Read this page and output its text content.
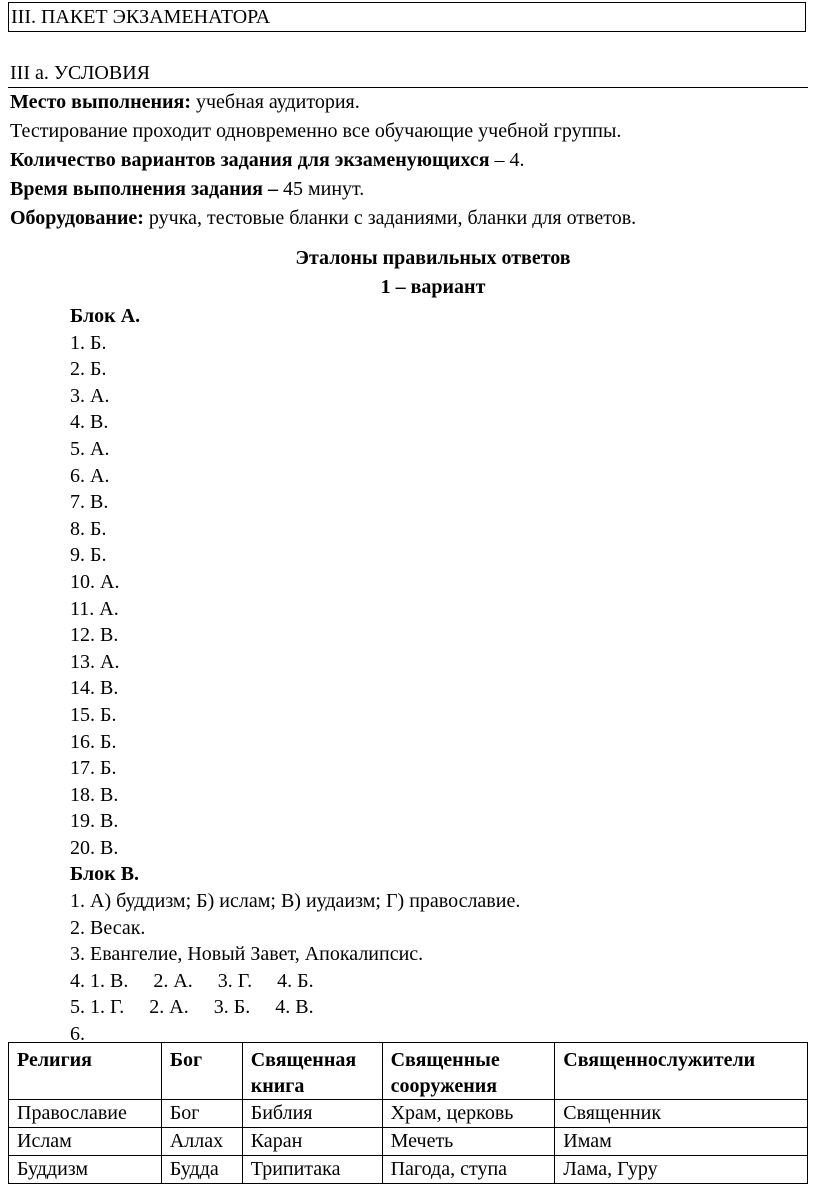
III. ПАКЕТ ЭКЗАМЕНАТОРА
III а. УСЛОВИЯ
Место выполнения: учебная аудитория.
Тестирование проходит одновременно все обучающие учебной группы.
Количество вариантов задания для экзаменующихся – 4.
Время выполнения задания – 45 минут.
Оборудование: ручка, тестовые бланки с заданиями, бланки для ответов.
Эталоны правильных ответов
1 – вариант
Блок А.
1. Б.
2. Б.
3. А.
4. В.
5. А.
6. А.
7. В.
8. Б.
9. Б.
10. А.
11. А.
12. В.
13. А.
14. В.
15. Б.
16. Б.
17. Б.
18. В.
19. В.
20. В.
Блок В.
1. А) буддизм; Б) ислам; В) иудаизм; Г) православие.
2. Весак.
3. Евангелие, Новый Завет, Апокалипсис.
4. 1. В.     2. А.     3. Г.     4. Б.
5. 1. Г.     2. А.     3. Б.     4. В.
6.
Религия	Бог	Священная книга	Священные сооружения	Священнослужители
Православие	Бог	Библия	Храм, церковь	Священник
Ислам	Аллах	Каран	Мечеть	Имам
Буддизм	Будда	Трипитака	Пагода, ступа	Лама, Гуру
